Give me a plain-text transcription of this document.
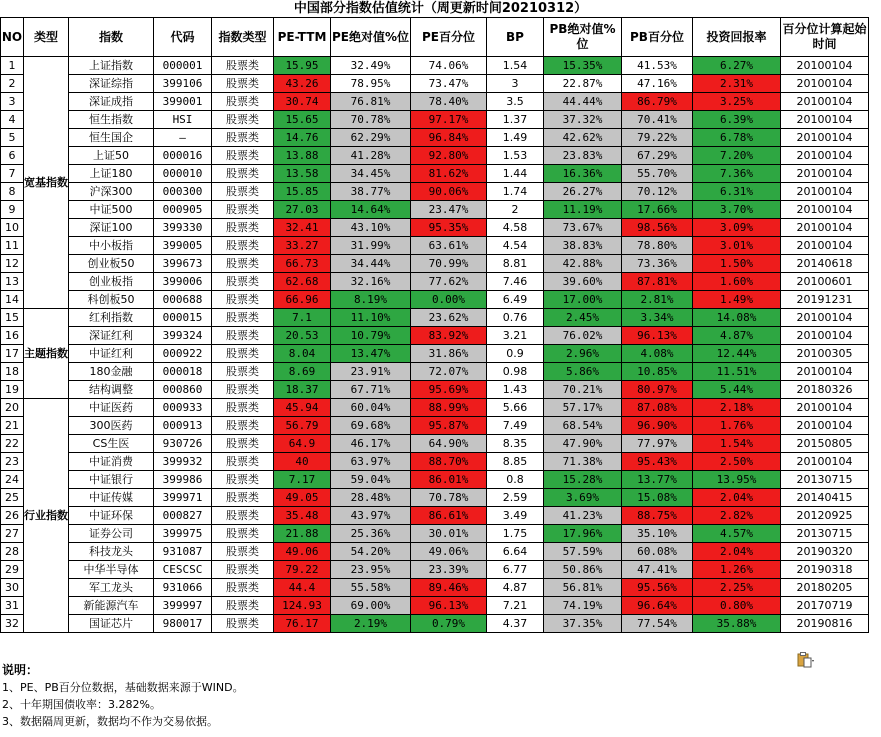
中国部分指数估值统计（周更新时间20210312）
NO	类型	指数	代码	指数类型	PE-TTM	PE绝对值%位	PE百分位	BP	PB绝对值%位	PB百分位	投资回报率	百分位计算起始时间
1	宽基指数	上证指数	000001	股票类	15.95	32.49%	74.06%	1.54	15.35%	41.53%	6.27%	20100104
2		深证综指	399106	股票类	43.26	78.95%	73.47%	3	22.87%	47.16%	2.31%	20100104
3		深证成指	399001	股票类	30.74	76.81%	78.40%	3.5	44.44%	86.79%	3.25%	20100104
4		恒生指数	HSI	股票类	15.65	70.78%	97.17%	1.37	37.32%	70.41%	6.39%	20100104
5		恒生国企	–	股票类	14.76	62.29%	96.84%	1.49	42.62%	79.22%	6.78%	20100104
6		上证50	000016	股票类	13.88	41.28%	92.80%	1.53	23.83%	67.29%	7.20%	20100104
7		上证180	000010	股票类	13.58	34.45%	81.62%	1.44	16.36%	55.70%	7.36%	20100104
8		沪深300	000300	股票类	15.85	38.77%	90.06%	1.74	26.27%	70.12%	6.31%	20100104
9		中证500	000905	股票类	27.03	14.64%	23.47%	2	11.19%	17.66%	3.70%	20100104
10		深证100	399330	股票类	32.41	43.10%	95.35%	4.58	73.67%	98.56%	3.09%	20100104
11		中小板指	399005	股票类	33.27	31.99%	63.61%	4.54	38.83%	78.80%	3.01%	20100104
12		创业板50	399673	股票类	66.73	34.44%	70.99%	8.81	42.88%	73.36%	1.50%	20140618
13		创业板指	399006	股票类	62.68	32.16%	77.62%	7.46	39.60%	87.81%	1.60%	20100601
14		科创板50	000688	股票类	66.96	8.19%	0.00%	6.49	17.00%	2.81%	1.49%	20191231
15	主题指数	红利指数	000015	股票类	7.1	11.10%	23.62%	0.76	2.45%	3.34%	14.08%	20100104
16		深证红利	399324	股票类	20.53	10.79%	83.92%	3.21	76.02%	96.13%	4.87%	20100104
17		中证红利	000922	股票类	8.04	13.47%	31.86%	0.9	2.96%	4.08%	12.44%	20100305
18		180金融	000018	股票类	8.69	23.91%	72.07%	0.98	5.86%	10.85%	11.51%	20100104
19		结构调整	000860	股票类	18.37	67.71%	95.69%	1.43	70.21%	80.97%	5.44%	20180326
20	行业指数	中证医药	000933	股票类	45.94	60.04%	88.99%	5.66	57.17%	87.08%	2.18%	20100104
21		300医药	000913	股票类	56.79	69.68%	95.87%	7.49	68.54%	96.90%	1.76%	20100104
22		CS生医	930726	股票类	64.9	46.17%	64.90%	8.35	47.90%	77.97%	1.54%	20150805
23		中证消费	399932	股票类	40	63.97%	88.70%	8.85	71.38%	95.43%	2.50%	20100104
24		中证银行	399986	股票类	7.17	59.04%	86.01%	0.8	15.28%	13.77%	13.95%	20130715
25		中证传媒	399971	股票类	49.05	28.48%	70.78%	2.59	3.69%	15.08%	2.04%	20140415
26		中证环保	000827	股票类	35.48	43.97%	86.61%	3.49	41.23%	88.75%	2.82%	20120925
27		证券公司	399975	股票类	21.88	25.36%	30.01%	1.75	17.96%	35.10%	4.57%	20130715
28		科技龙头	931087	股票类	49.06	54.20%	49.06%	6.64	57.59%	60.08%	2.04%	20190320
29		中华半导体	CESCSC	股票类	79.22	23.95%	23.39%	6.77	50.86%	47.41%	1.26%	20190318
30		军工龙头	931066	股票类	44.4	55.58%	89.46%	4.87	56.81%	95.56%	2.25%	20180205
31		新能源汽车	399997	股票类	124.93	69.00%	96.13%	7.21	74.19%	96.64%	0.80%	20170719
32		国证芯片	980017	股票类	76.17	2.19%	0.79%	4.37	37.35%	77.54%	35.88%	20190816
说明：
1、PE、PB百分位数据，基础数据来源于WIND。
2、十年期国债收率：3.282%。
3、数据隔周更新，数据均不作为交易依据。
